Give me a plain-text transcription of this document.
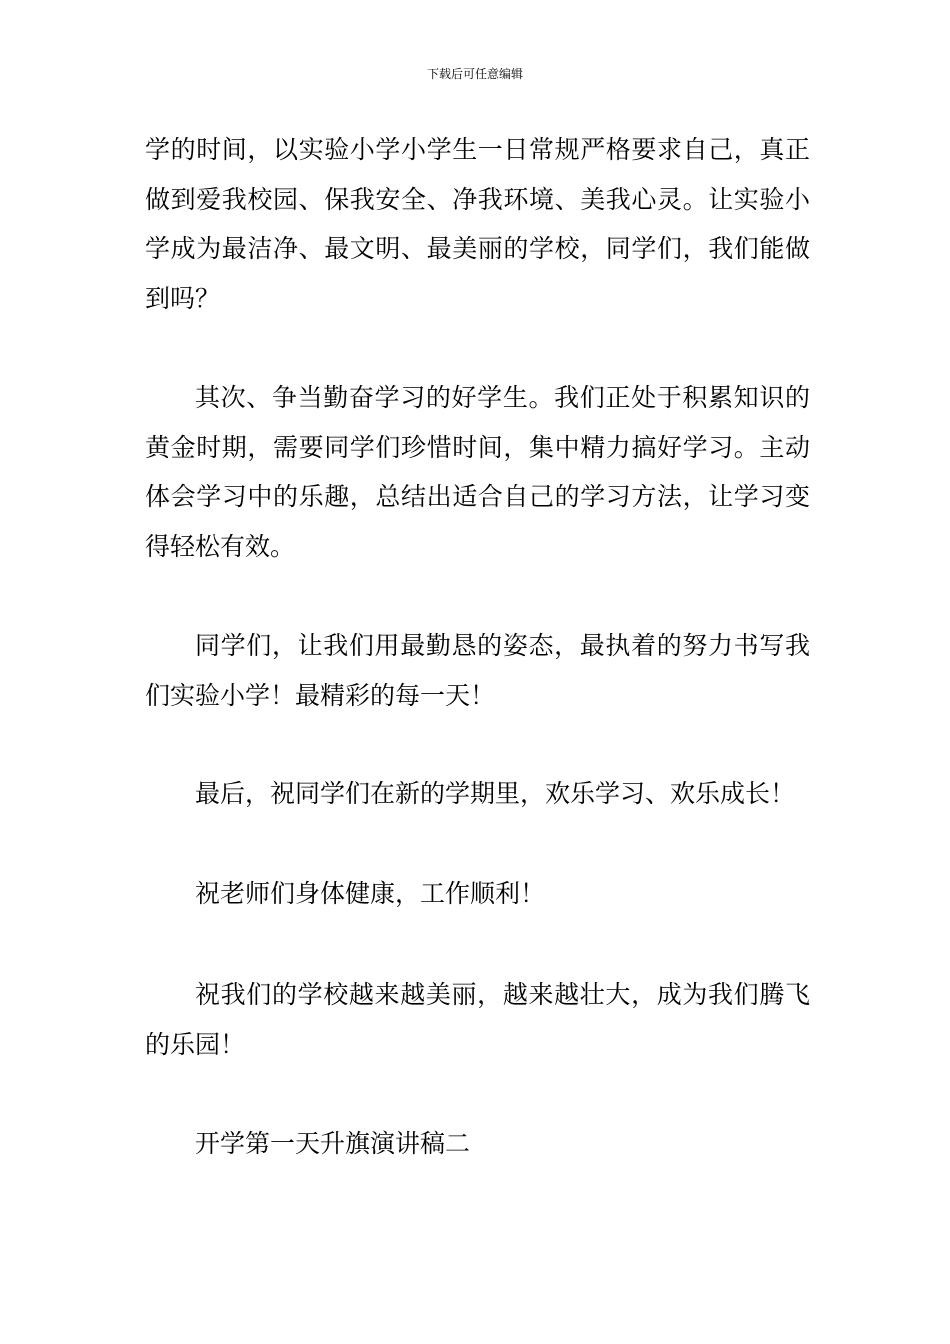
下载后可任意编辑

学的时间，以实验小学小学生一日常规严格要求自己，真正做到爱我校园、保我安全、净我环境、美我心灵。让实验小学成为最洁净、最文明、最美丽的学校，同学们，我们能做到吗？

其次、争当勤奋学习的好学生。我们正处于积累知识的黄金时期，需要同学们珍惜时间，集中精力搞好学习。主动体会学习中的乐趣，总结出适合自己的学习方法，让学习变得轻松有效。

同学们，让我们用最勤恳的姿态，最执着的努力书写我们实验小学！最精彩的每一天！

最后，祝同学们在新的学期里，欢乐学习、欢乐成长！

祝老师们身体健康，工作顺利！

祝我们的学校越来越美丽，越来越壮大，成为我们腾飞的乐园！

开学第一天升旗演讲稿二
